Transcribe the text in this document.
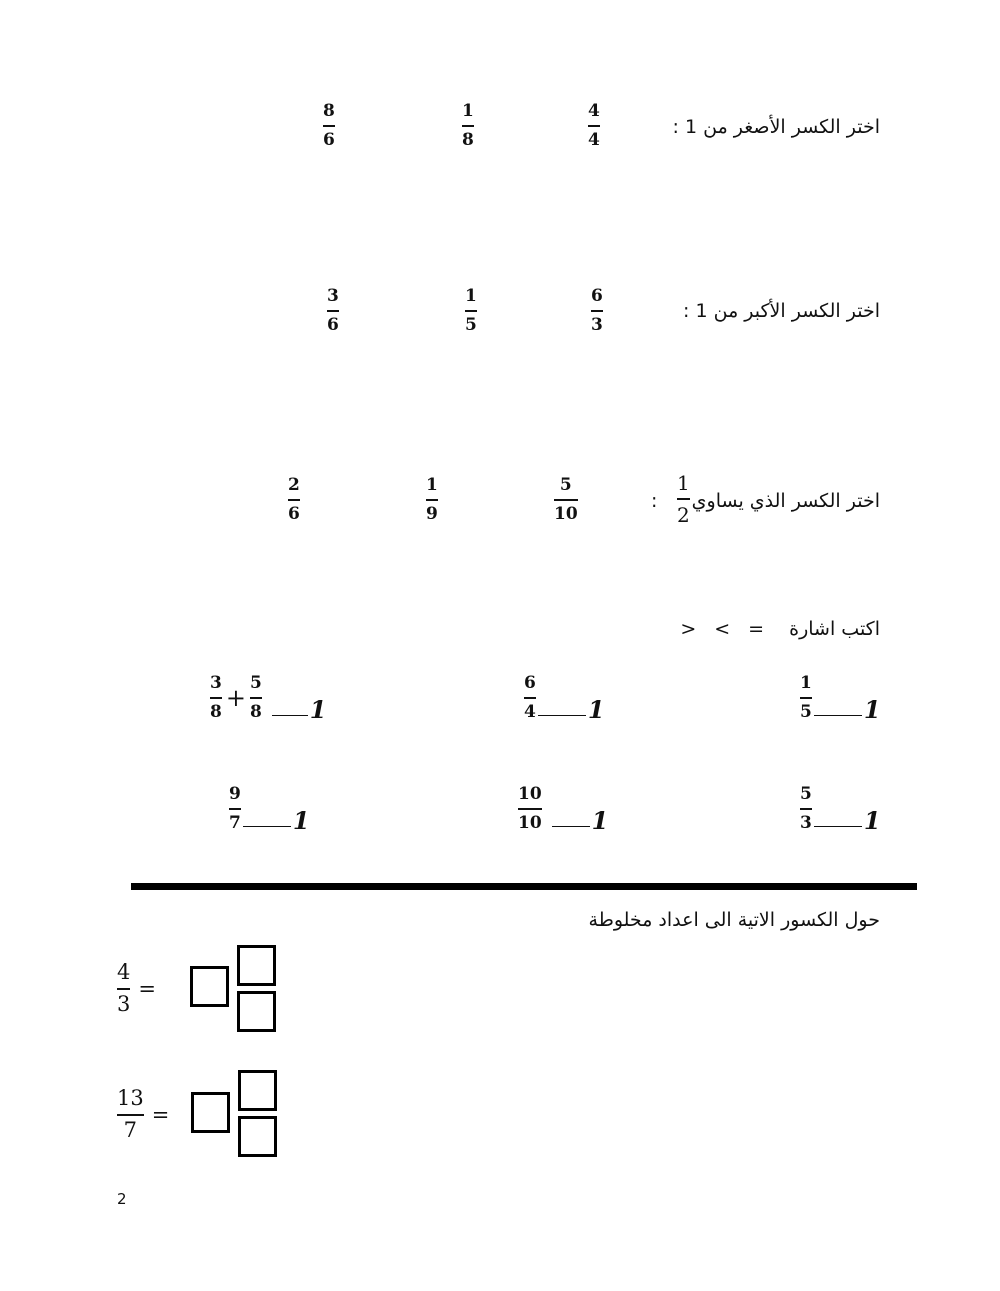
اختر الكسر الأصغر من 1 :
4
4
1
8
8
6
اختر الكسر الأكبر من 1 :
6
3
1
5
3
6
اختر الكسر الذي يساوي
1
2
:
5
10
1
9
2
6
اكتب اشارة > < =
$\frac{1}{5} 1$
$\frac{6}{4} 1$
$\frac{3}{8} + \frac{5}{8} 1$
$\frac{5}{3} 1$
$\frac{10}{10} 1$
$\frac{9}{7} 1$
حول الكسور الاتية الى اعداد مخلوطة
$\frac{4}{3}$ =
$\frac{13}{7}$ =
2
